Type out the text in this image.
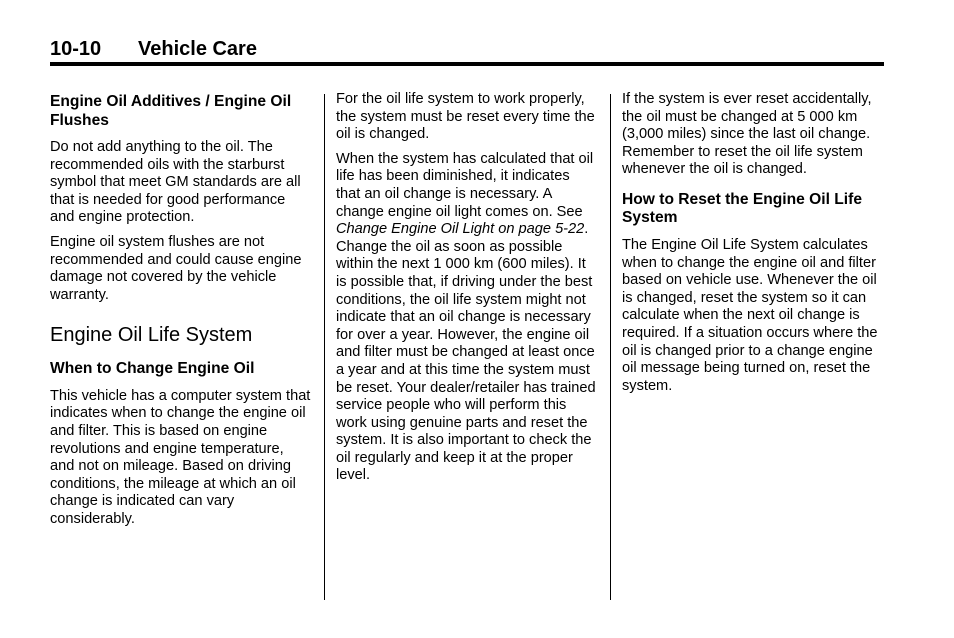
10-10 Vehicle Care
Engine Oil Additives / Engine Oil Flushes

Do not add anything to the oil. The recommended oils with the starburst symbol that meet GM standards are all that is needed for good performance and engine protection.

Engine oil system flushes are not recommended and could cause engine damage not covered by the vehicle warranty.

Engine Oil Life System
When to Change Engine Oil

This vehicle has a computer system that indicates when to change the engine oil and filter. This is based on engine revolutions and engine temperature, and not on mileage. Based on driving conditions, the mileage at which an oil change is indicated can vary considerably.

For the oil life system to work properly, the system must be reset every time the oil is changed.

When the system has calculated that oil life has been diminished, it indicates that an oil change is necessary. A change engine oil light comes on. See Change Engine Oil Light on page 5-22. Change the oil as soon as possible within the next 1 000 km (600 miles). It is possible that, if driving under the best conditions, the oil life system might not indicate that an oil change is necessary for over a year. However, the engine oil and filter must be changed at least once a year and at this time the system must be reset. Your dealer/retailer has trained service people who will perform this work using genuine parts and reset the system. It is also important to check the oil regularly and keep it at the proper level.

If the system is ever reset accidentally, the oil must be changed at 5 000 km (3,000 miles) since the last oil change. Remember to reset the oil life system whenever the oil is changed.

How to Reset the Engine Oil Life System

The Engine Oil Life System calculates when to change the engine oil and filter based on vehicle use. Whenever the oil is changed, reset the system so it can calculate when the next oil change is required. If a situation occurs where the oil is changed prior to a change engine oil message being turned on, reset the system.
